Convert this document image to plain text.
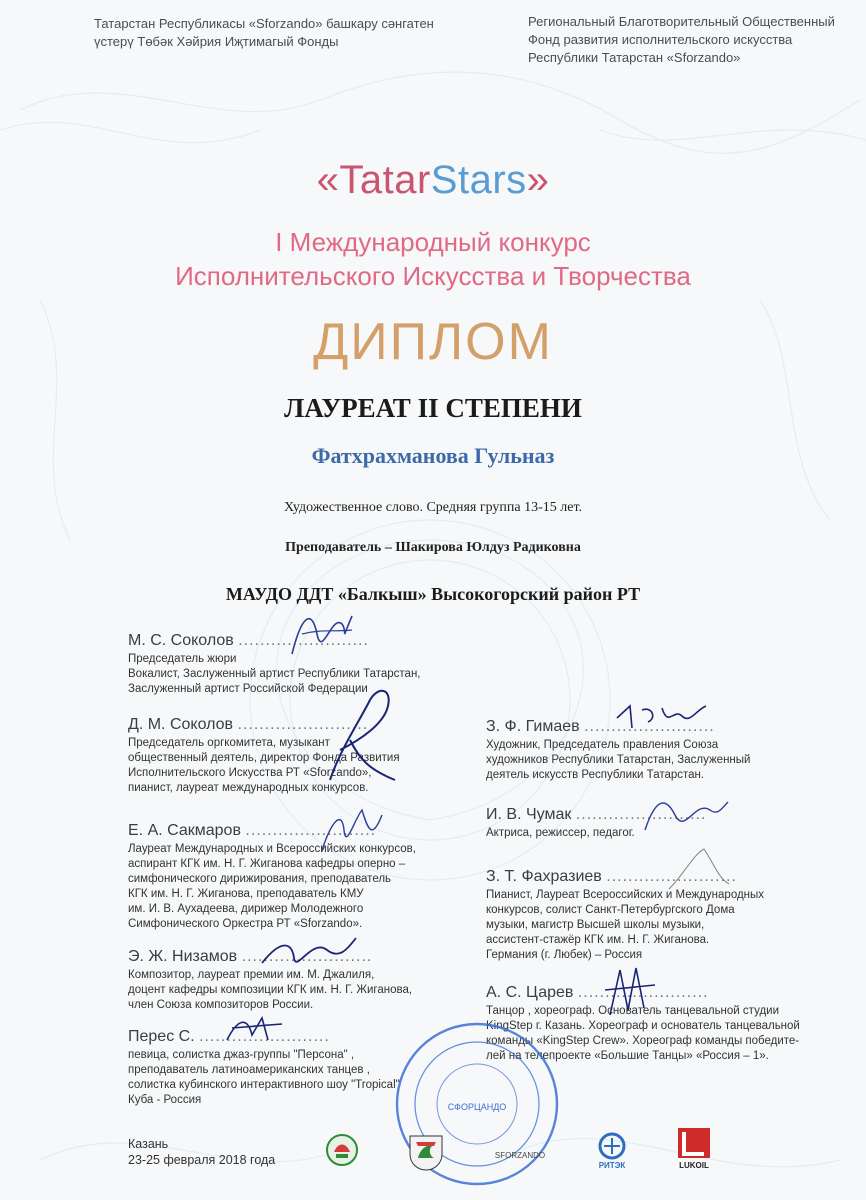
Татарстан Республикасы «Sforzando» башкару сәнгатен
үстерү Төбәк Хәйрия Иҗтимагый Фонды
Региональный Благотворительный Общественный
Фонд развития исполнительского искусства
Республики Татарстан «Sforzando»
«TatarStars»
I Международный конкурс
Исполнительского Искусства и Творчества
ДИПЛОМ
ЛАУРЕАТ II СТЕПЕНИ
Фатхрахманова Гульназ
Художественное слово. Средняя группа 13-15 лет.
Преподаватель – Шакирова Юлдуз Радиковна
МАУДО ДДТ «Балкыш» Высокогорский район РТ
М. С. Соколов ........................
Председатель жюри
Вокалист, Заслуженный артист Республики Татарстан,
Заслуженный артист Российской Федерации
Д. М. Соколов ........................
Председатель оргкомитета, музыкант
общественный деятель, директор Фонда Развития
Исполнительского Искусства РТ «Sforzando»,
пианист, лауреат международных конкурсов.
Е. А. Сакмаров ........................
Лауреат Международных и Всероссийских конкурсов,
аспирант КГК им. Н. Г. Жиганова кафедры оперно –
симфонического дирижирования, преподаватель
КГК им. Н. Г. Жиганова, преподаватель КМУ
им. И. В. Аухадеева, дирижер Молодежного
Симфонического Оркестра РТ «Sforzando».
Э. Ж. Низамов ........................
Композитор, лауреат премии им. М. Джалиля,
доцент кафедры композиции КГК им. Н. Г. Жиганова,
член Союза композиторов России.
Перес С. ........................
певица, солистка джаз-группы "Персона" ,
преподаватель латиноамериканских танцев ,
солистка кубинского интерактивного шоу "Tropical"
Куба - Россия
З. Ф. Гимаев ........................
Художник, Председатель правления Союза
художников Республики Татарстан, Заслуженный
деятель искусств Республики Татарстан.
И. В. Чумак ........................
Актриса, режиссер, педагог.
З. Т. Фахразиев ........................
Пианист, Лауреат Всероссийских и Международных
конкурсов, солист Санкт-Петербургского Дома
музыки, магистр Высшей школы музыки,
ассистент-стажёр КГК им. Н. Г. Жиганова.
Германия (г. Любек) – Россия
А. С. Царев ........................
Танцор , хореограф. Основатель танцевальной студии
KingStep г. Казань. Хореограф и основатель танцевальной
команды «KingStep Crew». Хореограф команды победите-
лей на телепроекте «Большие Танцы» «Россия – 1».
СФОРЦАНДО
Казань
23-25 февраля 2018 года	SFORZANDO
РИТЭК	LUKOIL
